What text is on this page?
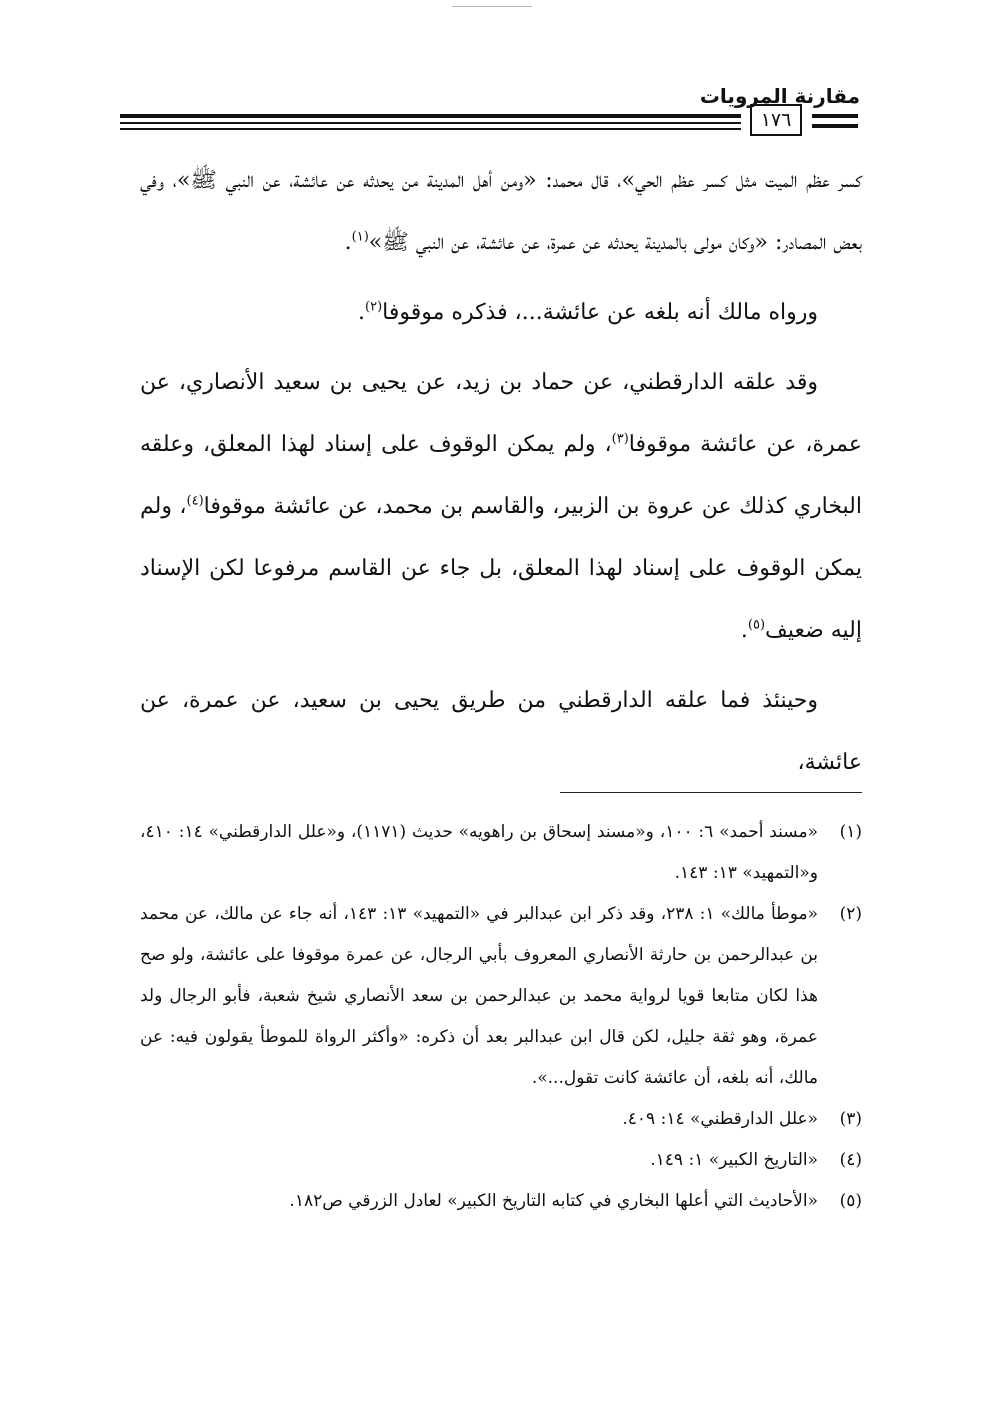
مقارنة المرويات
١٧٦

كسر عظم الميت مثل كسر عظم الحي»، قال محمد: «ومن أهل المدينة من يحدثه عن عائشة، عن النبي ﷺ»، وفي بعض المصادر: «وكان مولى بالمدينة يحدثه عن عمرة، عن عائشة، عن النبي ﷺ»$^{(١)}$.

ورواه مالك أنه بلغه عن عائشة...، فذكره موقوفا$^{(٢)}$.

وقد علقه الدارقطني، عن حماد بن زيد، عن يحيى بن سعيد الأنصاري، عن عمرة، عن عائشة موقوفا$^{(٣)}$، ولم يمكن الوقوف على إسناد لهذا المعلق، وعلقه البخاري كذلك عن عروة بن الزبير، والقاسم بن محمد، عن عائشة موقوفا$^{(٤)}$، ولم يمكن الوقوف على إسناد لهذا المعلق، بل جاء عن القاسم مرفوعا لكن الإسناد إليه ضعيف$^{(٥)}$.

وحينئذ فما علقه الدارقطني من طريق يحيى بن سعيد، عن عمرة، عن عائشة،

(١)«مسند أحمد» ٦: ١٠٠، و«مسند إسحاق بن راهويه» حديث (١١٧١)، و«علل الدارقطني» ١٤: ٤١٠، و«التمهيد» ١٣: ١٤٣.

(٢)«موطأ مالك» ١: ٢٣٨، وقد ذكر ابن عبدالبر في «التمهيد» ١٣: ١٤٣، أنه جاء عن مالك، عن محمد بن عبدالرحمن بن حارثة الأنصاري المعروف بأبي الرجال، عن عمرة موقوفا على عائشة، ولو صح هذا لكان متابعا قويا لرواية محمد بن عبدالرحمن بن سعد الأنصاري شيخ شعبة، فأبو الرجال ولد عمرة، وهو ثقة جليل، لكن قال ابن عبدالبر بعد أن ذكره: «وأكثر الرواة للموطأ يقولون فيه: عن مالك، أنه بلغه، أن عائشة كانت تقول...».

(٣)«علل الدارقطني» ١٤: ٤٠٩.

(٤)«التاريخ الكبير» ١: ١٤٩.

(٥)«الأحاديث التي أعلها البخاري في كتابه التاريخ الكبير» لعادل الزرقي ص١٨٢.
